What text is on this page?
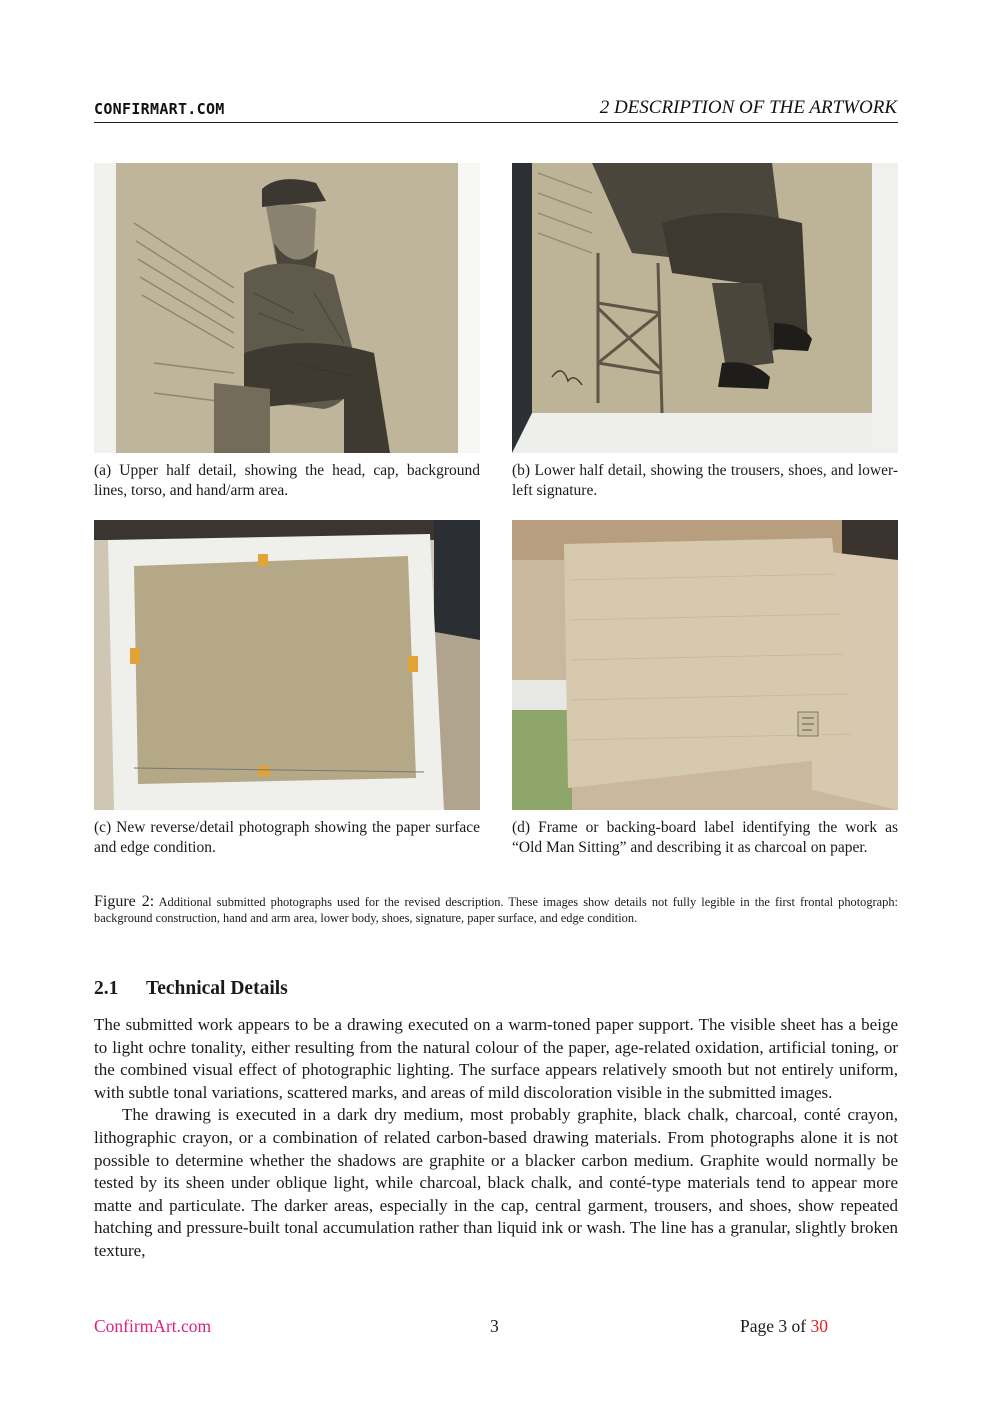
CONFIRMART.COM	2 DESCRIPTION OF THE ARTWORK
(a) Upper half detail, showing the head, cap, background lines, torso, and hand/arm area.
(b) Lower half detail, showing the trousers, shoes, and lower-left signature.
(c) New reverse/detail photograph showing the paper surface and edge condition.
(d) Frame or backing-board label identifying the work as “Old Man Sitting” and describing it as charcoal on paper.
Figure 2: Additional submitted photographs used for the revised description. These images show details not fully legible in the first frontal photograph: background construction, hand and arm area, lower body, shoes, signature, paper surface, and edge condition.
2.1 Technical Details

The submitted work appears to be a drawing executed on a warm-toned paper support. The visible sheet has a beige to light ochre tonality, either resulting from the natural colour of the paper, age-related oxidation, artificial toning, or the combined visual effect of photographic lighting. The surface appears relatively smooth but not entirely uniform, with subtle tonal variations, scattered marks, and areas of mild discoloration visible in the submitted images.

The drawing is executed in a dark dry medium, most probably graphite, black chalk, charcoal, conté crayon, lithographic crayon, or a combination of related carbon-based drawing materials. From photographs alone it is not possible to determine whether the shadows are graphite or a blacker carbon medium. Graphite would normally be tested by its sheen under oblique light, while charcoal, black chalk, and conté-type materials tend to appear more matte and particulate. The darker areas, especially in the cap, central garment, trousers, and shoes, show repeated hatching and pressure-built tonal accumulation rather than liquid ink or wash. The line has a granular, slightly broken texture,

ConfirmArt.com	3	Page 3 of 30
